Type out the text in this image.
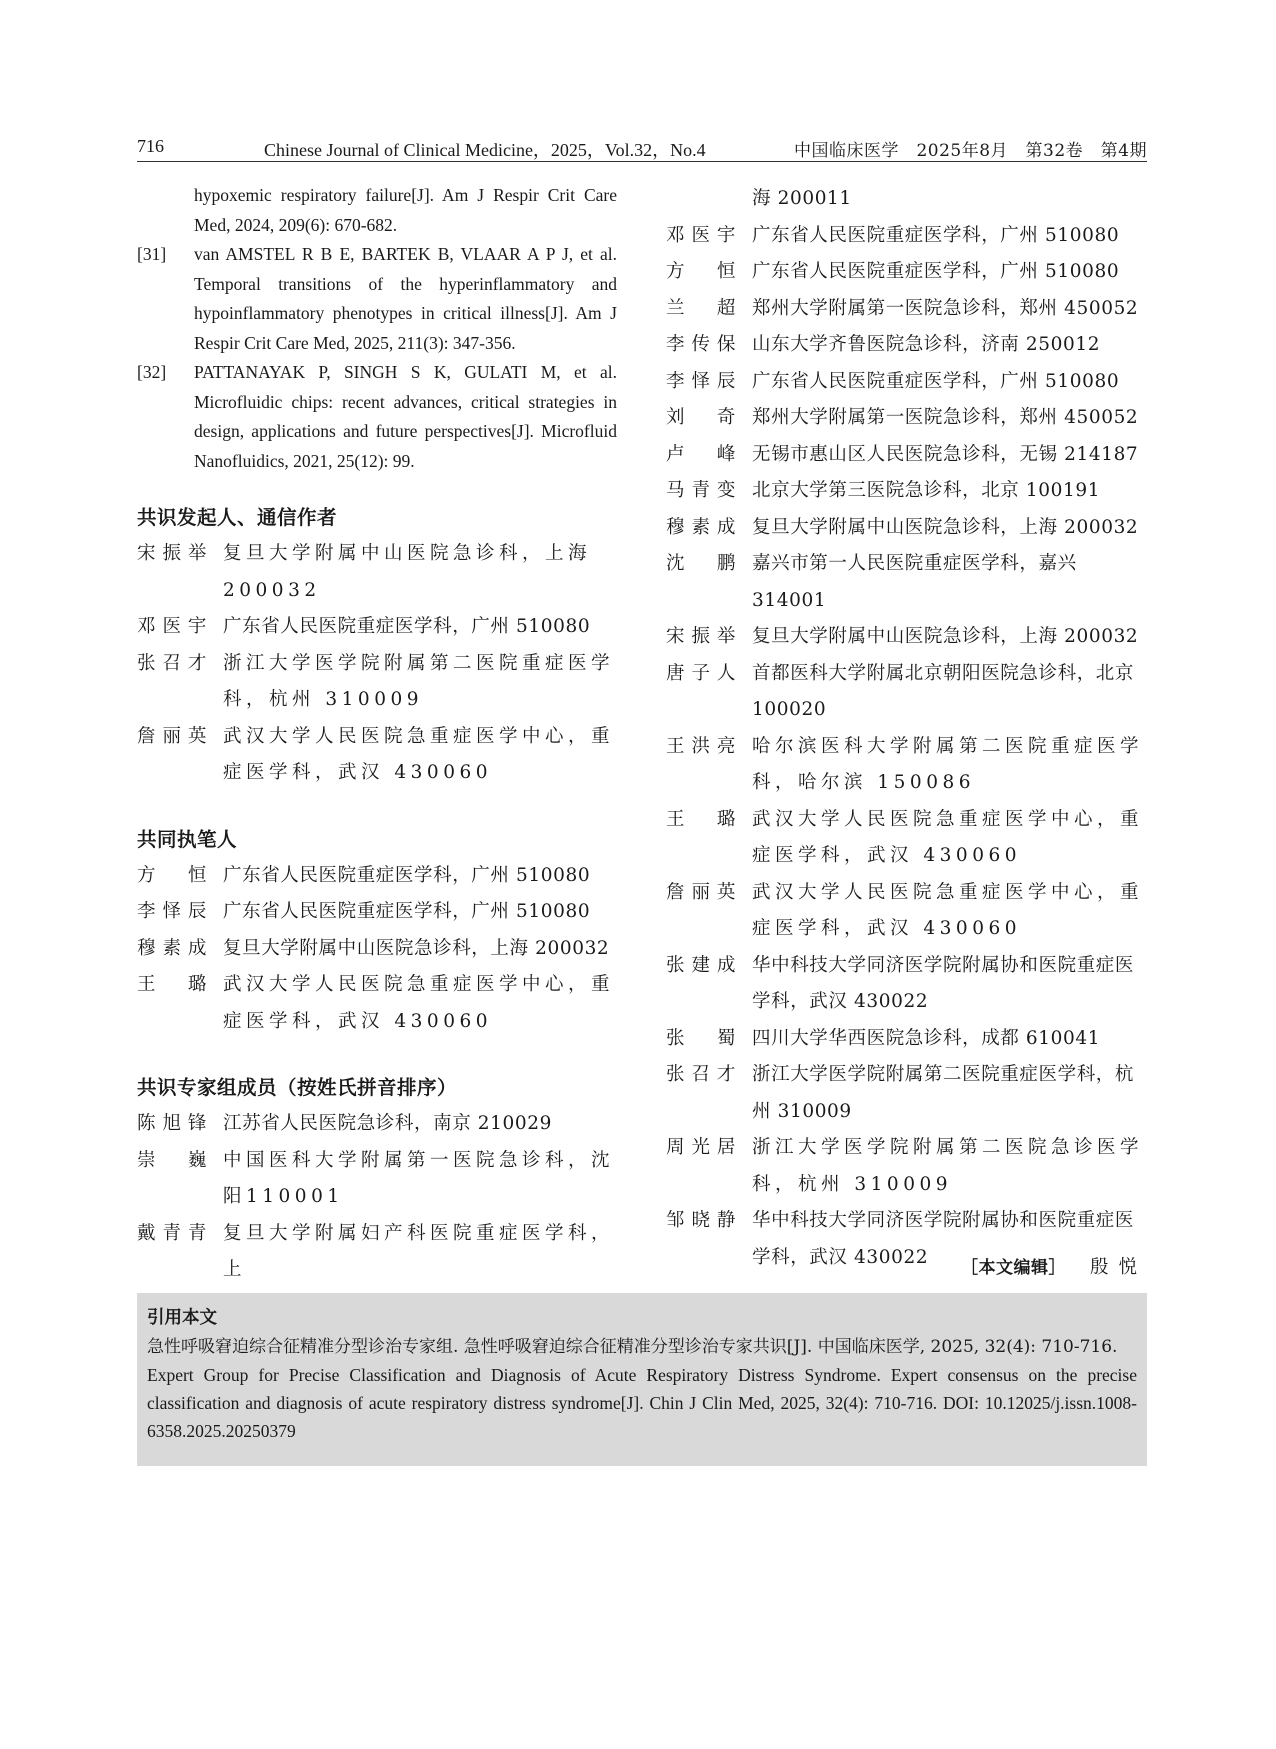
716	Chinese Journal of Clinical Medicine，2025，Vol.32，No.4	中国临床医学　2025年8月　第32卷　第4期
hypoxemic respiratory failure[J]. Am J Respir Crit Care Med, 2024, 209(6): 670-682.
[31] van AMSTEL R B E, BARTEK B, VLAAR A P J, et al. Temporal transitions of the hyperinflammatory and hypoinflammatory phenotypes in critical illness[J]. Am J Respir Crit Care Med, 2025, 211(3): 347-356.
[32] PATTANAYAK P, SINGH S K, GULATI M, et al. Microfluidic chips: recent advances, critical strategies in design, applications and future perspectives[J]. Microfluid Nanofluidics, 2021, 25(12): 99.
共识发起人、通信作者
宋振举 复旦大学附属中山医院急诊科，上海200032
邓医宇 广东省人民医院重症医学科，广州 510080
张召才 浙江大学医学院附属第二医院重症医学科，杭州 310009
詹丽英 武汉大学人民医院急重症医学中心，重症医学科，武汉 430060
共同执笔人
方　恒 广东省人民医院重症医学科，广州 510080
李怿辰 广东省人民医院重症医学科，广州 510080
穆素成 复旦大学附属中山医院急诊科，上海 200032
王　璐 武汉大学人民医院急重症医学中心，重症医学科，武汉 430060
共识专家组成员（按姓氏拼音排序）
陈旭锋 江苏省人民医院急诊科，南京 210029
崇　巍 中国医科大学附属第一医院急诊科，沈阳110001
戴青青 复旦大学附属妇产科医院重症医学科，上
海 200011
邓医宇 广东省人民医院重症医学科，广州 510080
方　恒 广东省人民医院重症医学科，广州 510080
兰　超 郑州大学附属第一医院急诊科，郑州 450052
李传保 山东大学齐鲁医院急诊科，济南 250012
李怿辰 广东省人民医院重症医学科，广州 510080
刘　奇 郑州大学附属第一医院急诊科，郑州 450052
卢　峰 无锡市惠山区人民医院急诊科，无锡 214187
马青变 北京大学第三医院急诊科，北京 100191
穆素成 复旦大学附属中山医院急诊科，上海 200032
沈　鹏 嘉兴市第一人民医院重症医学科，嘉兴 314001
宋振举 复旦大学附属中山医院急诊科，上海 200032
唐子人 首都医科大学附属北京朝阳医院急诊科，北京 100020
王洪亮 哈尔滨医科大学附属第二医院重症医学科，哈尔滨 150086
王　璐 武汉大学人民医院急重症医学中心，重症医学科，武汉 430060
詹丽英 武汉大学人民医院急重症医学中心，重症医学科，武汉 430060
张建成 华中科技大学同济医学院附属协和医院重症医学科，武汉 430022
张　蜀 四川大学华西医院急诊科，成都 610041
张召才 浙江大学医学院附属第二医院重症医学科，杭州 310009
周光居 浙江大学医学院附属第二医院急诊医学科，杭州 310009
邹晓静 华中科技大学同济医学院附属协和医院重症医学科，武汉 430022
［本文编辑］ 殷悦
引用本文
急性呼吸窘迫综合征精准分型诊治专家组. 急性呼吸窘迫综合征精准分型诊治专家共识[J]. 中国临床医学, 2025, 32(4): 710-716.
Expert Group for Precise Classification and Diagnosis of Acute Respiratory Distress Syndrome. Expert consensus on the precise classification and diagnosis of acute respiratory distress syndrome[J]. Chin J Clin Med, 2025, 32(4): 710-716. DOI: 10.12025/j.issn.1008-6358.2025.20250379
